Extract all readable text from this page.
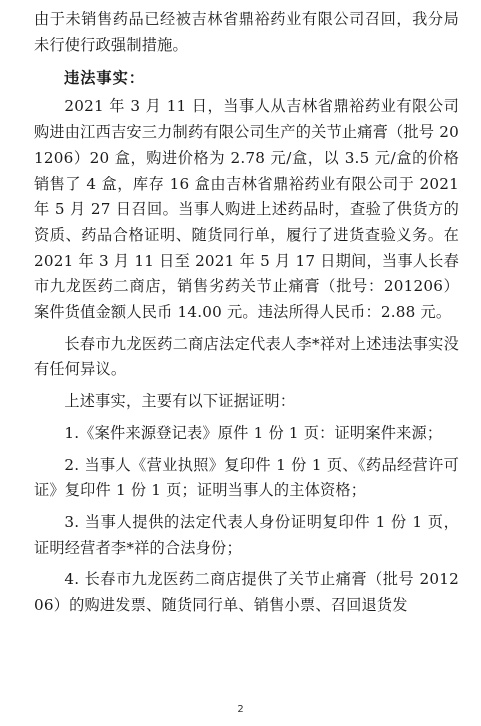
由于未销售药品已经被吉林省鼎裕药业有限公司召回，我分局未行使行政强制措施。

违法事实：

2021 年 3 月 11 日，当事人从吉林省鼎裕药业有限公司购进由江西吉安三力制药有限公司生产的关节止痛膏（批号 201206）20 盒，购进价格为 2.78 元/盒，以 3.5 元/盒的价格销售了 4 盒，库存 16 盒由吉林省鼎裕药业有限公司于 2021 年 5 月 27 日召回。当事人购进上述药品时，查验了供货方的资质、药品合格证明、随货同行单，履行了进货查验义务。在 2021 年 3 月 11 日至 2021 年 5 月 17 日期间，当事人长春市九龙医药二商店，销售劣药关节止痛膏（批号：201206）案件货值金额人民币 14.00 元。违法所得人民币：2.88 元。

长春市九龙医药二商店法定代表人李*祥对上述违法事实没有任何异议。

上述事实，主要有以下证据证明：

1.《案件来源登记表》原件 1 份 1 页：证明案件来源；

2. 当事人《营业执照》复印件 1 份 1 页、《药品经营许可证》复印件 1 份 1 页；证明当事人的主体资格；

3. 当事人提供的法定代表人身份证明复印件 1 份 1 页，证明经营者李*祥的合法身份；

4. 长春市九龙医药二商店提供了关节止痛膏（批号 201206）的购进发票、随货同行单、销售小票、召回退货发

2
